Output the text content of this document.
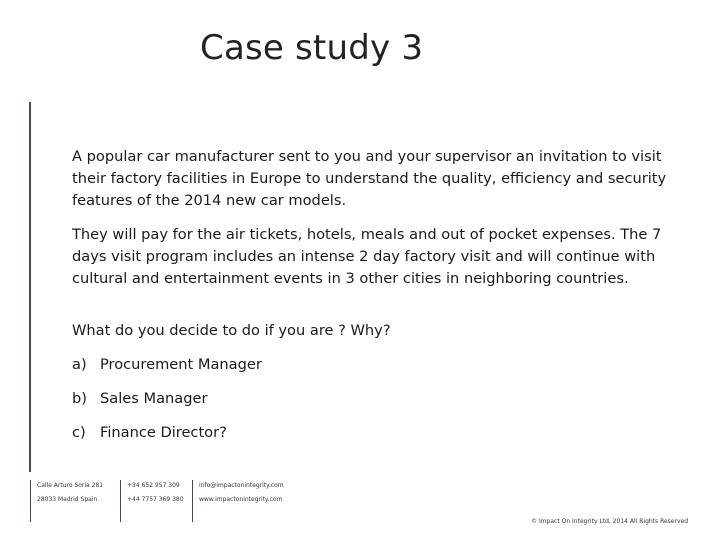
Case study 3

A popular car manufacturer sent to you and your supervisor an invitation to visit their factory facilities in Europe to understand the quality, efficiency and security features of the 2014 new car models.

They will pay for the air tickets, hotels, meals and out of pocket expenses. The 7 days visit program includes an intense 2 day factory visit and will continue with cultural and entertainment events in 3 other cities in neighboring countries.

What do you decide to do if you are ? Why?

a) Procurement Manager
b) Sales Manager
c) Finance Director?
Calle Arturo Soria 281
28033 Madrid Spain
+34 652 957 309
+44 7757 369 380
info@impactonintegrity.com
www.impactonintegrity.com
© Impact On Integrity Ltd, 2014 All Rights Reserved
